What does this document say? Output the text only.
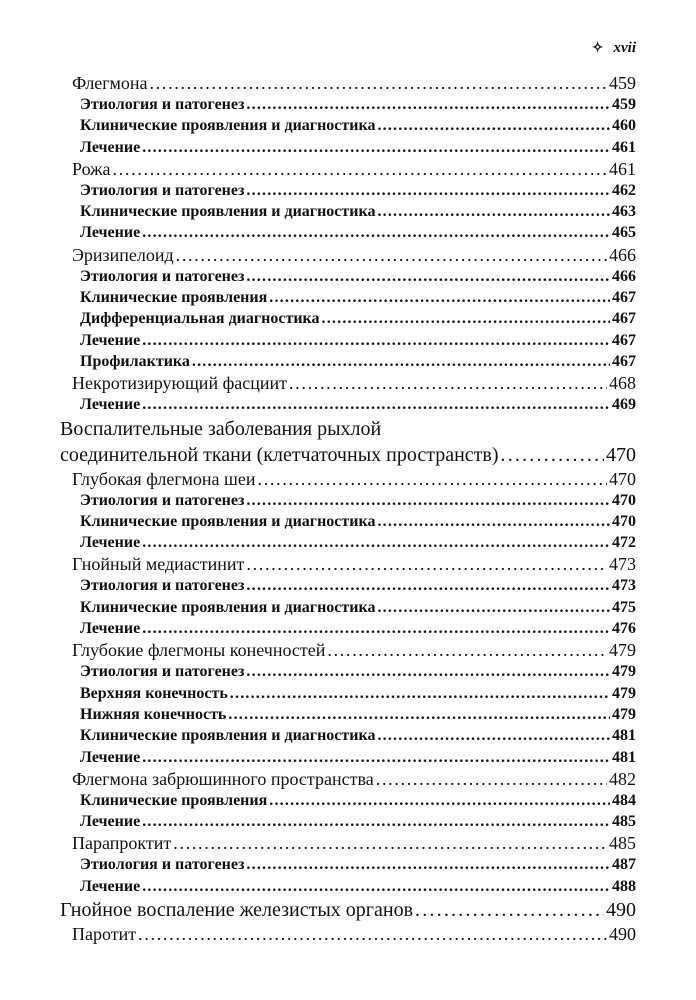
✧ xvii
Флегмона . . .	459
Этиология и патогенез . . .	459
Клинические проявления и диагностика . . .	460
Лечение . . .	461
Рожа . . .	461
Этиология и патогенез . . .	462
Клинические проявления и диагностика . . .	463
Лечение . . .	465
Эризипелоид . . .	466
Этиология и патогенез . . .	466
Клинические проявления . . .	467
Дифференциальная диагностика . . .	467
Лечение . . .	467
Профилактика . . .	467
Некротизирующий фасциит . . .	468
Лечение . . .	469
Воспалительные заболевания рыхлой
соединительной ткани (клетчаточных пространств) . . .	470
Глубокая флегмона шеи . . .	470
Этиология и патогенез . . .	470
Клинические проявления и диагностика . . .	470
Лечение . . .	472
Гнойный медиастинит . . .	473
Этиология и патогенез . . .	473
Клинические проявления и диагностика . . .	475
Лечение . . .	476
Глубокие флегмоны конечностей . . .	479
Этиология и патогенез . . .	479
Верхняя конечность . . .	479
Нижняя конечность . . .	479
Клинические проявления и диагностика . . .	481
Лечение . . .	481
Флегмона забрюшинного пространства . . .	482
Клинические проявления . . .	484
Лечение . . .	485
Парапроктит . . .	485
Этиология и патогенез . . .	487
Лечение . . .	488
Гнойное воспаление железистых органов . . .	490
Паротит . . .	490
